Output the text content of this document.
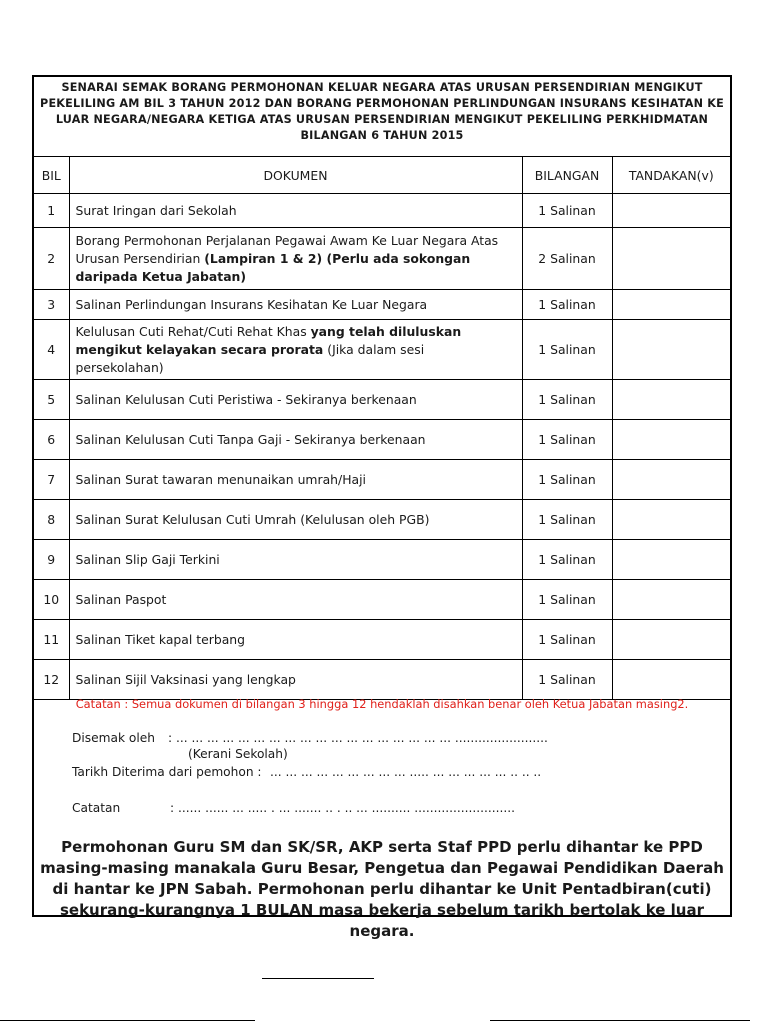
SENARAI SEMAK BORANG PERMOHONAN KELUAR NEGARA ATAS URUSAN PERSENDIRIAN MENGIKUT PEKELILING AM BIL 3 TAHUN 2012 DAN BORANG PERMOHONAN PERLINDUNGAN INSURANS KESIHATAN KE LUAR NEGARA/NEGARA KETIGA ATAS URUSAN PERSENDIRIAN MENGIKUT PEKELILING PERKHIDMATAN BILANGAN 6 TAHUN 2015
BIL	DOKUMEN	BILANGAN	TANDAKAN(v)
1	Surat Iringan dari Sekolah	1 Salinan	
2	Borang Permohonan Perjalanan Pegawai Awam Ke Luar Negara Atas Urusan Persendirian (Lampiran 1 & 2) (Perlu ada sokongan daripada Ketua Jabatan)	2 Salinan	
3	Salinan Perlindungan Insurans Kesihatan Ke Luar Negara	1 Salinan	
4	Kelulusan Cuti Rehat/Cuti Rehat Khas yang telah diluluskan mengikut kelayakan secara prorata (Jika dalam sesi persekolahan)	1 Salinan	
5	Salinan Kelulusan Cuti Peristiwa - Sekiranya berkenaan	1 Salinan	
6	Salinan Kelulusan Cuti Tanpa Gaji - Sekiranya berkenaan	1 Salinan	
7	Salinan Surat tawaran menunaikan umrah/Haji	1 Salinan	
8	Salinan Surat Kelulusan Cuti Umrah (Kelulusan oleh PGB)	1 Salinan	
9	Salinan Slip Gaji Terkini	1 Salinan	
10	Salinan Paspot	1 Salinan	
11	Salinan Tiket kapal terbang	1 Salinan	
12	Salinan Sijil Vaksinasi yang lengkap	1 Salinan	
Catatan : Semua dokumen di bilangan 3 hingga 12 hendaklah disahkan benar oleh Ketua Jabatan masing2.
Disemak oleh : ... ... ... ... ... ... ... ... ... ... ... ... ... ... ... ... ... ... ........................
(Kerani Sekolah)
Tarikh Diterima dari pemohon : ... ... ... ... ... ... ... ... ... ..... ... ... ... ... ... .. .. ..
Catatan	: ...... ...... ... ..... . ... ....... .. . .. ... .......... ..........................
Permohonan Guru SM dan SK/SR, AKP serta Staf PPD perlu dihantar ke PPD masing-masing manakala Guru Besar, Pengetua dan Pegawai Pendidikan Daerah di hantar ke JPN Sabah. Permohonan perlu dihantar ke Unit Pentadbiran(cuti) sekurang-kurangnya 1 BULAN masa bekerja sebelum tarikh bertolak ke luar negara.
